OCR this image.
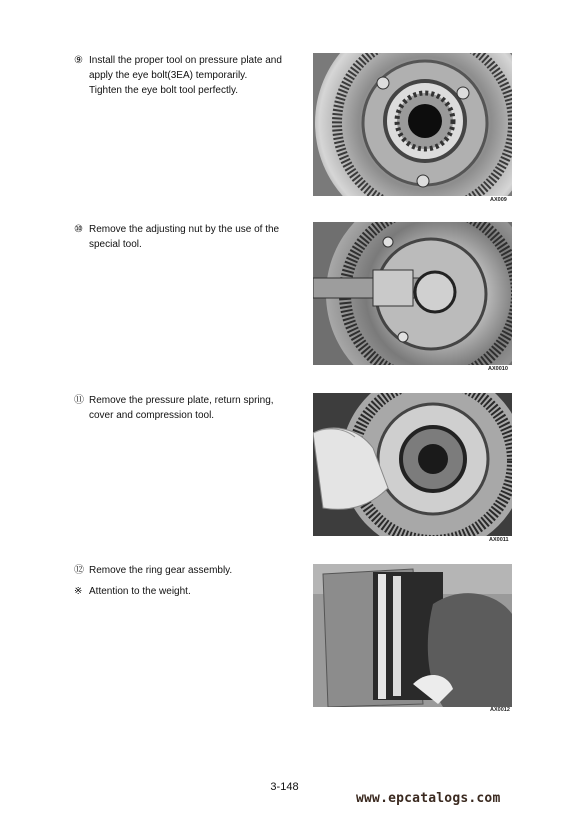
⑨ Install the proper tool on pressure plate and
apply the eye bolt(3EA) temporarily.
Tighten the eye bolt tool perfectly.
AX009
⑩ Remove the adjusting nut by the use of the
special tool.
AX0010
⑪ Remove the pressure plate, return spring,
cover and compression tool.
AX0011
⑫ Remove the ring gear assembly.
※ Attention to the weight.
AX0012
3-148
www.epcatalogs.com
